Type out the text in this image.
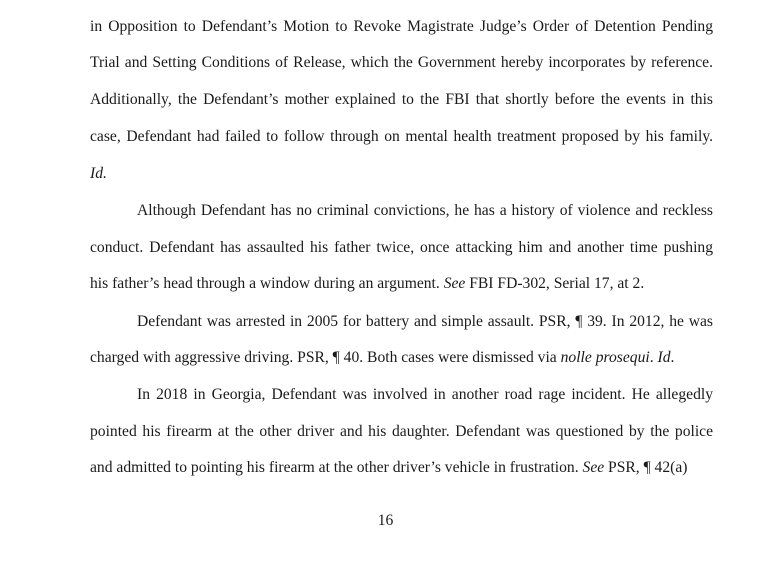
in Opposition to Defendant’s Motion to Revoke Magistrate Judge’s Order of Detention Pending
Trial and Setting Conditions of Release, which the Government hereby incorporates by reference.
Additionally, the Defendant’s mother explained to the FBI that shortly before the events in this
case, Defendant had failed to follow through on mental health treatment proposed by his family.
Id.
Although Defendant has no criminal convictions, he has a history of violence and reckless
conduct. Defendant has assaulted his father twice, once attacking him and another time pushing
his father’s head through a window during an argument. See FBI FD-302, Serial 17, at 2.
Defendant was arrested in 2005 for battery and simple assault. PSR, ¶ 39. In 2012, he was
charged with aggressive driving. PSR, ¶ 40. Both cases were dismissed via nolle prosequi. Id.
In 2018 in Georgia, Defendant was involved in another road rage incident. He allegedly
pointed his firearm at the other driver and his daughter. Defendant was questioned by the police
and admitted to pointing his firearm at the other driver’s vehicle in frustration. See PSR, ¶ 42(a)
16
